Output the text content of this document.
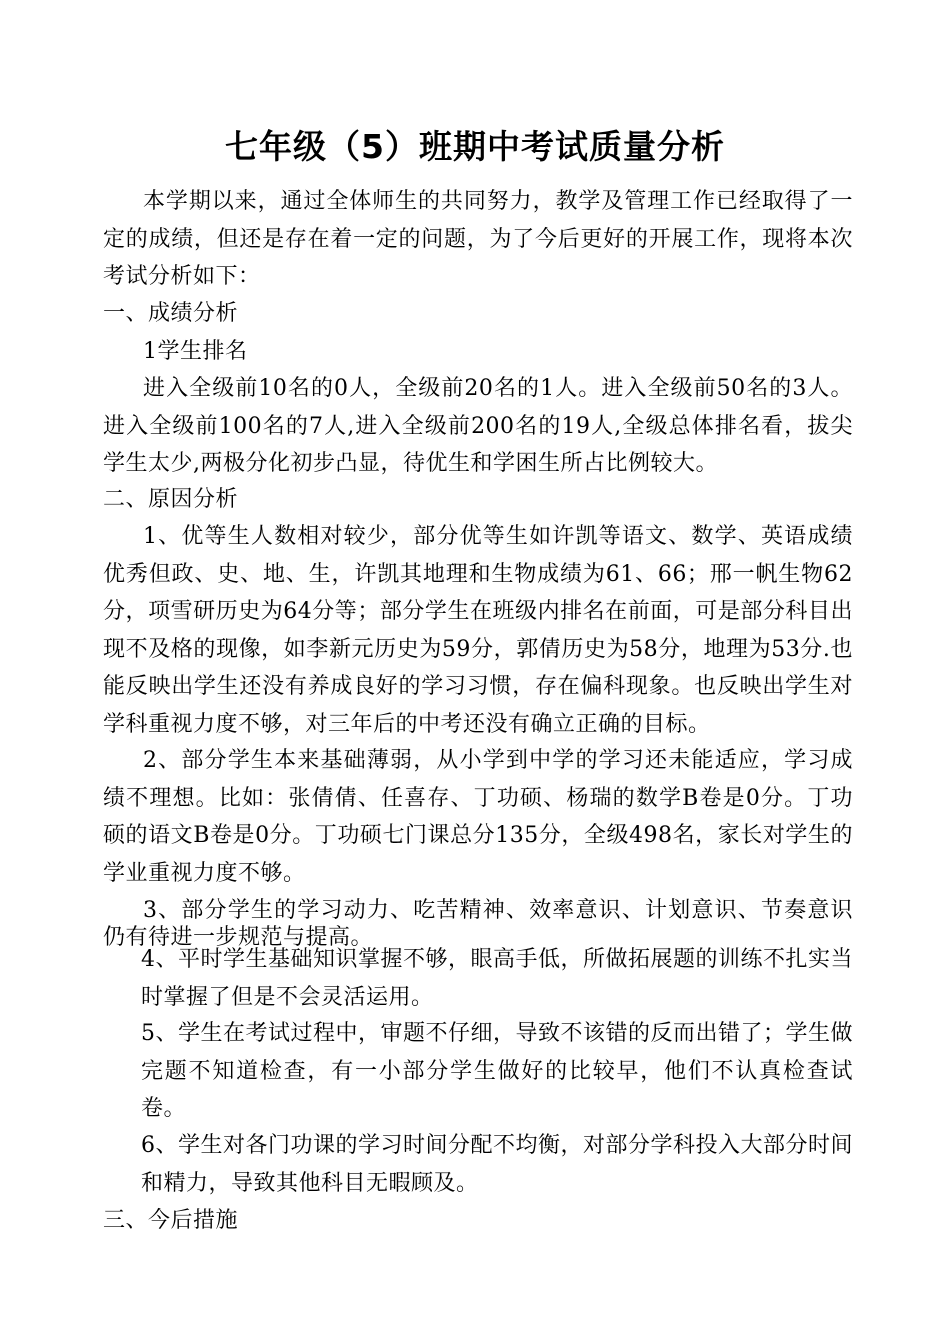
七年级（5）班期中考试质量分析
本学期以来，通过全体师生的共同努力，教学及管理工作已经取得了一定的成绩，但还是存在着一定的问题，为了今后更好的开展工作，现将本次考试分析如下：
一、成绩分析
1学生排名
进入全级前10名的0人，全级前20名的1人。进入全级前50名的3人。进入全级前100名的7人,进入全级前200名的19人,全级总体排名看，拔尖学生太少,两极分化初步凸显，待优生和学困生所占比例较大。
二、原因分析
1、优等生人数相对较少，部分优等生如许凯等语文、数学、英语成绩优秀但政、史、地、生，许凯其地理和生物成绩为61、66；邢一帆生物62分，项雪研历史为64分等；部分学生在班级内排名在前面，可是部分科目出现不及格的现像，如李新元历史为59分，郭倩历史为58分，地理为53分.也能反映出学生还没有养成良好的学习习惯，存在偏科现象。也反映出学生对学科重视力度不够，对三年后的中考还没有确立正确的目标。
2、部分学生本来基础薄弱，从小学到中学的学习还未能适应，学习成绩不理想。比如：张倩倩、任喜存、丁功硕、杨瑞的数学B卷是0分。丁功硕的语文B卷是0分。丁功硕七门课总分135分，全级498名，家长对学生的学业重视力度不够。
3、部分学生的学习动力、吃苦精神、效率意识、计划意识、节奏意识仍有待进一步规范与提高。
4、平时学生基础知识掌握不够，眼高手低，所做拓展题的训练不扎实当时掌握了但是不会灵活运用。
5、学生在考试过程中，审题不仔细，导致不该错的反而出错了；学生做完题不知道检查，有一小部分学生做好的比较早，他们不认真检查试卷。
6、学生对各门功课的学习时间分配不均衡，对部分学科投入大部分时间和精力，导致其他科目无暇顾及。
三、今后措施
